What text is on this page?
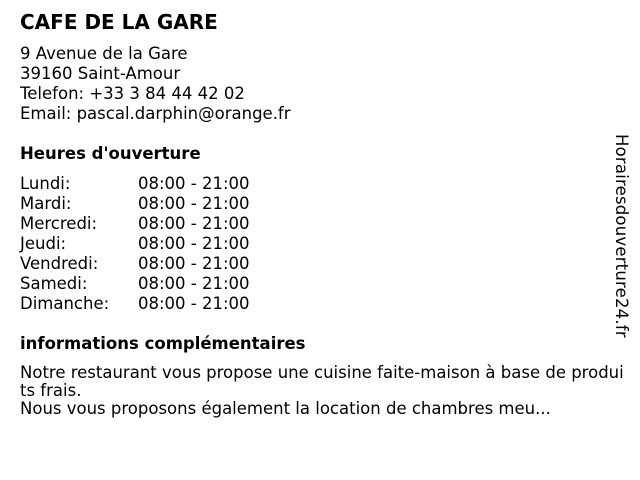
CAFE DE LA GARE
9 Avenue de la Gare
39160 Saint-Amour
Telefon: +33 3 84 44 42 02
Email: pascal.darphin@orange.fr
Heures d'ouverture
Lundi:	08:00 - 21:00
Mardi:	08:00 - 21:00
Mercredi: 08:00 - 21:00
Jeudi:	08:00 - 21:00
Vendredi: 08:00 - 21:00
Samedi:	08:00 - 21:00
Dimanche: 08:00 - 21:00
informations complémentaires
Notre restaurant vous propose une cuisine faite-maison à base de produits frais.
Nous vous proposons également la location de chambres meu...
Horairesdouverture24.fr
